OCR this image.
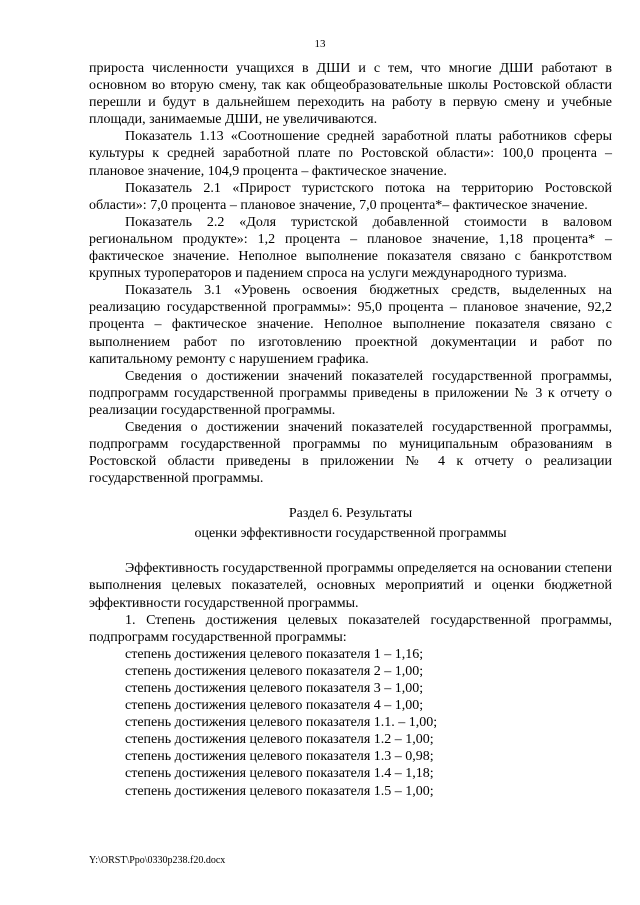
13

прироста численности учащихся в ДШИ и с тем, что многие ДШИ работают в основном во вторую смену, так как общеобразовательные школы Ростовской области перешли и будут в дальнейшем переходить на работу в первую смену и учебные площади, занимаемые ДШИ, не увеличиваются.

Показатель 1.13 «Соотношение средней заработной платы работников сферы культуры к средней заработной плате по Ростовской области»: 100,0 процента – плановое значение, 104,9 процента – фактическое значение.

Показатель 2.1 «Прирост туристского потока на территорию Ростовской области»: 7,0 процента – плановое значение, 7,0 процента*– фактическое значение.

Показатель 2.2 «Доля туристской добавленной стоимости в валовом региональном продукте»: 1,2 процента – плановое значение, 1,18 процента* – фактическое значение. Неполное выполнение показателя связано с банкротством крупных туроператоров и падением спроса на услуги международного туризма.

Показатель 3.1 «Уровень освоения бюджетных средств, выделенных на реализацию государственной программы»: 95,0 процента – плановое значение, 92,2 процента – фактическое значение. Неполное выполнение показателя связано с выполнением работ по изготовлению проектной документации и работ по капитальному ремонту с нарушением графика.

Сведения о достижении значений показателей государственной программы, подпрограмм государственной программы приведены в приложении № 3 к отчету о реализации государственной программы.

Сведения о достижении значений показателей государственной программы, подпрограмм государственной программы по муниципальным образованиям в Ростовской области приведены в приложении № 4 к отчету о реализации государственной программы.

Раздел 6. Результаты
оценки эффективности государственной программы

Эффективность государственной программы определяется на основании степени выполнения целевых показателей, основных мероприятий и оценки бюджетной эффективности государственной программы.

1. Степень достижения целевых показателей государственной программы, подпрограмм государственной программы:

степень достижения целевого показателя 1 – 1,16;
степень достижения целевого показателя 2 – 1,00;
степень достижения целевого показателя 3 – 1,00;
степень достижения целевого показателя 4 – 1,00;
степень достижения целевого показателя 1.1. – 1,00;
степень достижения целевого показателя 1.2 – 1,00;
степень достижения целевого показателя 1.3 – 0,98;
степень достижения целевого показателя 1.4 – 1,18;
степень достижения целевого показателя 1.5 – 1,00;
Y:\ORST\Ppo\0330p238.f20.docx
